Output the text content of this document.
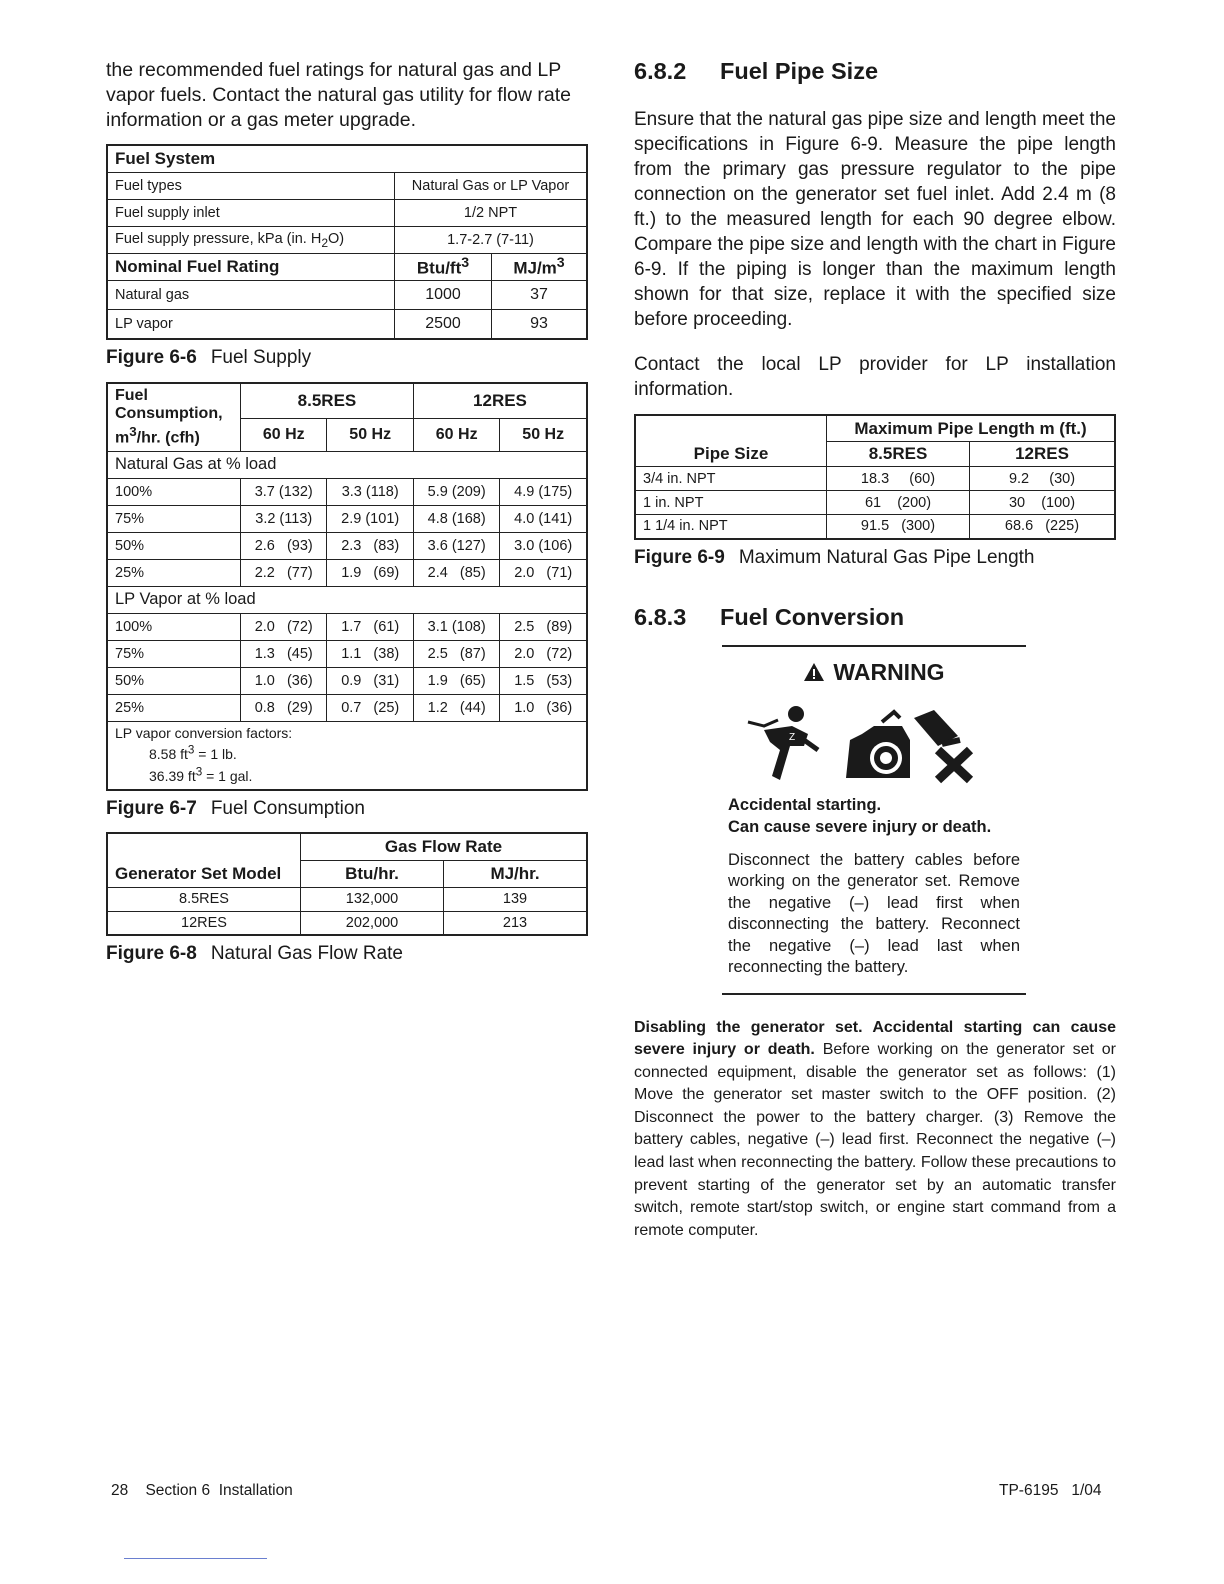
the recommended fuel ratings for natural gas and LP vapor fuels. Contact the natural gas utility for flow rate information or a gas meter upgrade.

Fuel System		
Fuel types	Natural Gas or LP Vapor	
Fuel supply inlet	1/2 NPT	
Fuel supply pressure, kPa (in. $H_2O$)	1.7-2.7 (7-11)	
Nominal Fuel Rating	Btu/$ft^3$	$MJ/m^3$
Natural gas	1000	37
LP vapor	2500	93

Figure 6-6 Fuel Supply

Fuel
Consumption,
$m^3/hr$. (cfh)	8.5RES		12RES	
	60 Hz	50 Hz	60 Hz	50 Hz
Natural Gas at % load				
100%	3.7 (132)	3.3 (118)	5.9 (209)	4.9 (175)
75%	3.2 (113)	2.9 (101)	4.8 (168)	4.0 (141)
50%	2.6   (93)	2.3   (83)	3.6 (127)	3.0 (106)
25%	2.2   (77)	1.9   (69)	2.4   (85)	2.0   (71)
LP Vapor at % load				
100%	2.0   (72)	1.7   (61)	3.1 (108)	2.5   (89)
75%	1.3   (45)	1.1   (38)	2.5   (87)	2.0   (72)
50%	1.0   (36)	0.9   (31)	1.9   (65)	1.5   (53)
25%	0.8   (29)	0.7   (25)	1.2   (44)	1.0   (36)
LP vapor conversion factors:
8.58 $ft^3 = 1$ lb.
36.39 $ft^3 = 1$ gal.				

Figure 6-7 Fuel Consumption

Generator Set Model	Gas Flow Rate	
	Btu/hr.	MJ/hr.
8.5RES	132,000	139
12RES	202,000	213

Figure 6-8 Natural Gas Flow Rate

6.8.2	Fuel Pipe Size

Ensure that the natural gas pipe size and length meet the specifications in Figure 6-9. Measure the pipe length from the primary gas pressure regulator to the pipe connection on the generator set fuel inlet. Add 2.4 m (8 ft.) to the measured length for each 90 degree elbow. Compare the pipe size and length with the chart in Figure 6-9. If the piping is longer than the maximum length shown for that size, replace it with the specified size before proceeding.

Contact the local LP provider for LP installation information.

Pipe Size	Maximum Pipe Length m (ft.)	
	8.5RES	12RES
3/4 in. NPT	18.3     (60)	9.2     (30)
1 in. NPT	61    (200)	30    (100)
1 1/4 in. NPT	91.5   (300)	68.6   (225)

Figure 6-9 Maximum Natural Gas Pipe Length

6.8.3	Fuel Conversion
WARNING
Z

Accidental starting.

Can cause severe injury or death.

Disconnect the battery cables before working on the generator set. Remove the negative (–) lead first when disconnecting the battery. Reconnect the negative (–) lead last when reconnecting the battery.

Disabling the generator set. Accidental starting can cause severe injury or death. Before working on the generator set or connected equipment, disable the generator set as follows: (1) Move the generator set master switch to the OFF position. (2) Disconnect the power to the battery charger. (3) Remove the battery cables, negative (–) lead first. Reconnect the negative (–) lead last when reconnecting the battery. Follow these precautions to prevent starting of the generator set by an automatic transfer switch, remote start/stop switch, or engine start command from a remote computer.

28    Section 6  Installation	TP-6195   1/04
